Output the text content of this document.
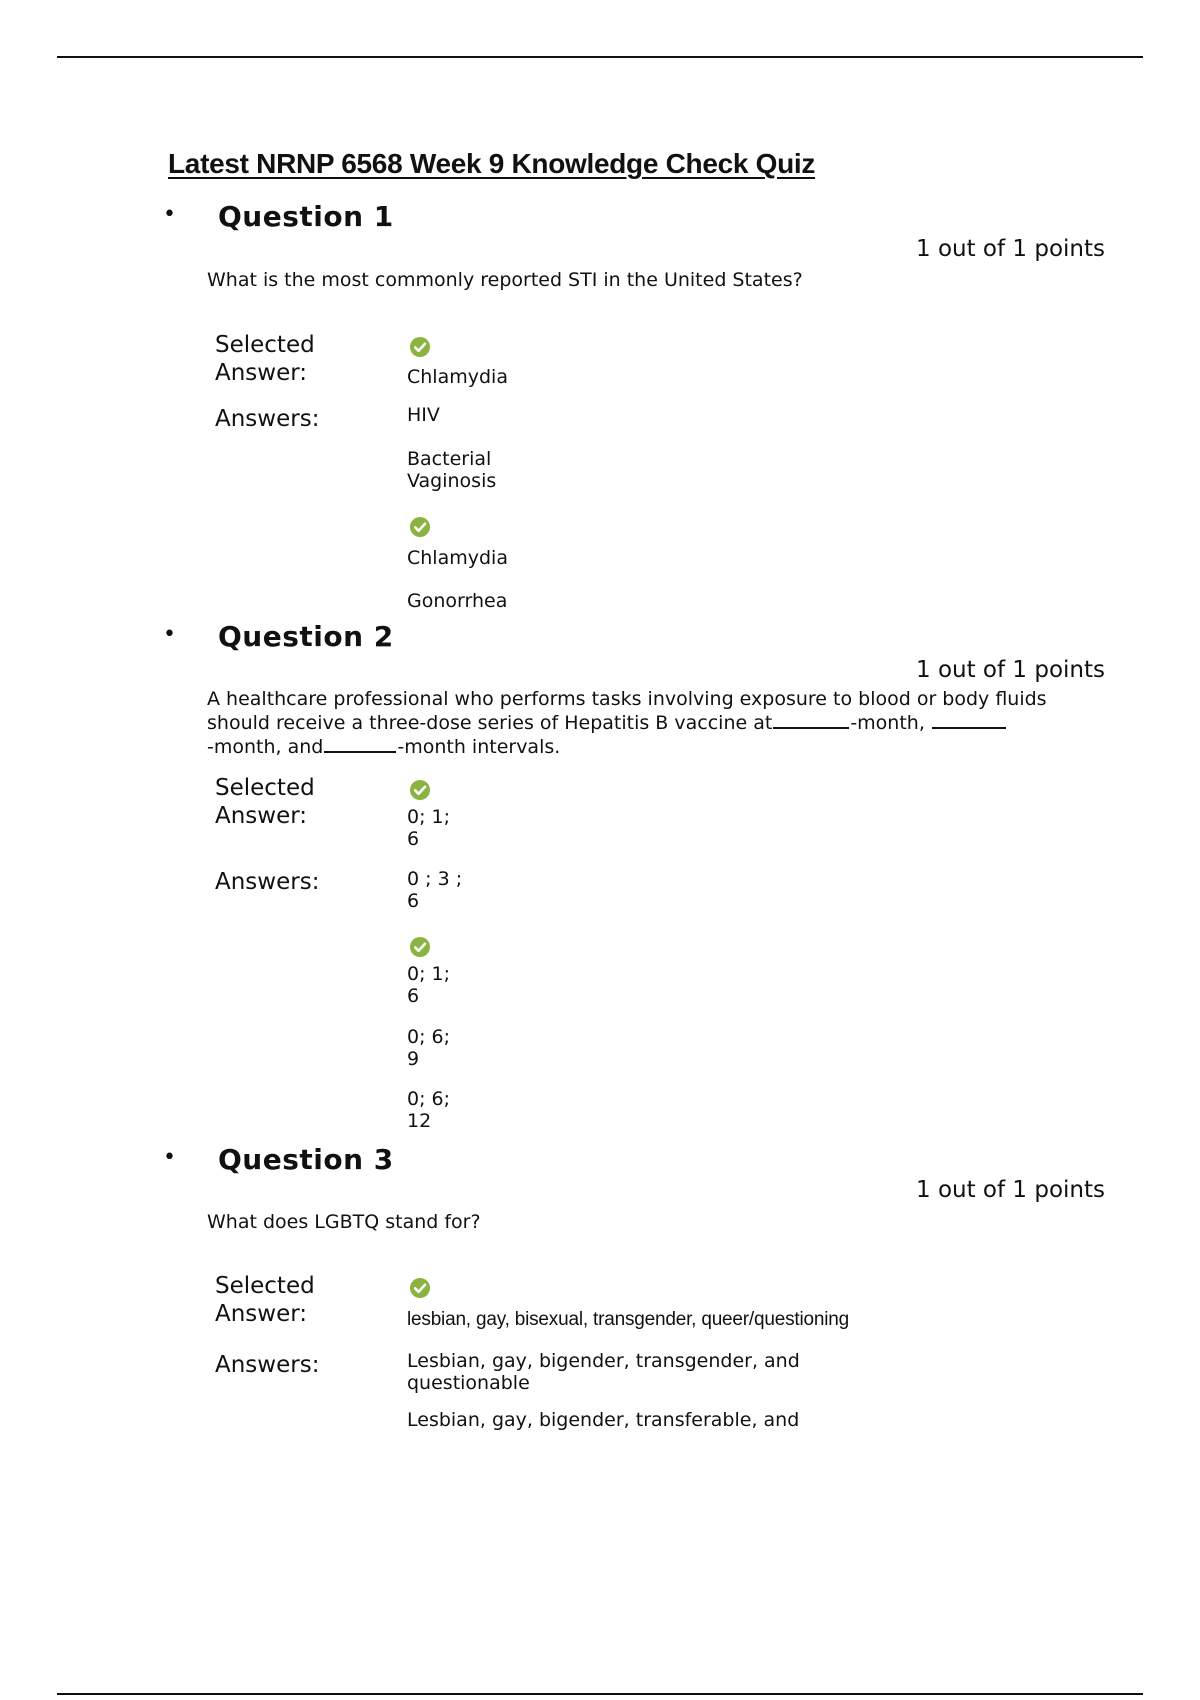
Latest NRNP 6568 Week 9 Knowledge Check Quiz
• Question 1
1 out of 1 points
What is the most commonly reported STI in the United States?
Selected
Answer:	Chlamydia
Answers:	HIV
Bacterial
Vaginosis
Chlamydia
Gonorrhea
• Question 2
1 out of 1 points
A healthcare professional who performs tasks involving exposure to blood or body fluids
should receive a three-dose series of Hepatitis B vaccine at	-month,
-month, and	-month intervals.
Selected
Answer:	0; 1;
6
Answers:	0 ; 3 ;
6
0; 1;
6
0; 6;
9
0; 6;
12
• Question 3
1 out of 1 points
What does LGBTQ stand for?
Selected
Answer:	lesbian, gay, bisexual, transgender, queer/questioning
Answers:	Lesbian, gay, bigender, transgender, and
questionable
Lesbian, gay, bigender, transferable, and
